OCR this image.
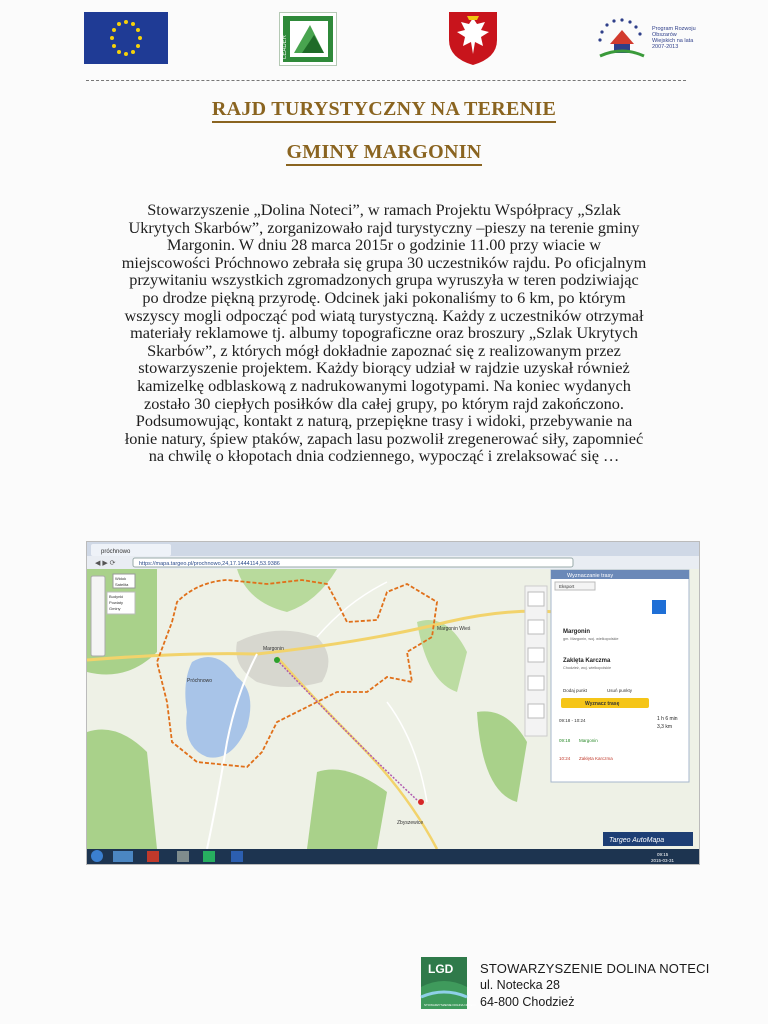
LEADER
Program Rozwoju Obszarów Wiejskich na lata 2007-2013
RAJD TURYSTYCZNY NA TERENIE
GMINY MARGONIN
Stowarzyszenie „Dolina Noteci”, w ramach Projektu Współpracy „Szlak
Ukrytych Skarbów”, zorganizowało rajd turystyczny –pieszy na terenie gminy
Margonin. W dniu 28 marca 2015r o godzinie 11.00 przy wiacie w
miejscowości Próchnowo zebrała się grupa 30 uczestników rajdu. Po oficjalnym
przywitaniu wszystkich zgromadzonych grupa wyruszyła w teren podziwiając
po drodze piękną przyrodę. Odcinek jaki pokonaliśmy to 6 km, po którym
wszyscy mogli odpocząć pod wiatą turystyczną. Każdy z uczestników otrzymał
materiały reklamowe tj. albumy topograficzne oraz broszury „Szlak Ukrytych
Skarbów”, z których mógł dokładnie zapoznać się z realizowanym przez
stowarzyszenie projektem. Każdy biorący udział w rajdzie uzyskał również
kamizelkę odblaskową z nadrukowanymi logotypami. Na koniec wydanych
zostało 30 ciepłych posiłków dla całej grupy, po którym rajd zakończono.
Podsumowując, kontakt z naturą, przepiękne trasy i widoki, przebywanie na
łonie natury, śpiew ptaków, zapach lasu pozwolił zregenerować siły, zapomnieć
na chwilę o kłopotach dnia codziennego, wypocząć i zrelaksować się …
próchnowo
https://mapa.targeo.pl/prochnowo,24,17.1444114,53.9386
◀ ▶ ⟳
Margonin
Margonin Wieś
Próchnowo
Zbyszewice
Widok
Satelita
Budynki
Powiaty
Gminy
Wyznaczanie trasy
Eksport
Margonin
gm. Margonin, woj. wielkopolskie
Zaklęta Karczma
Chodzież, woj. wielkopolskie
Dodaj punkt	Usuń punkty
Wyznacz trasę
09:18 - 10:24	1 h 6 min
3,3 km
09:18 Margonin
10:24 Zaklęta Karczma
Targeo AutoMapa
09:15
2015-03-31
LGD
STOWARZYSZENIE DOLINA NOTECI
STOWARZYSZENIE DOLINA NOTECI
ul. Notecka 28
64-800 Chodzież
